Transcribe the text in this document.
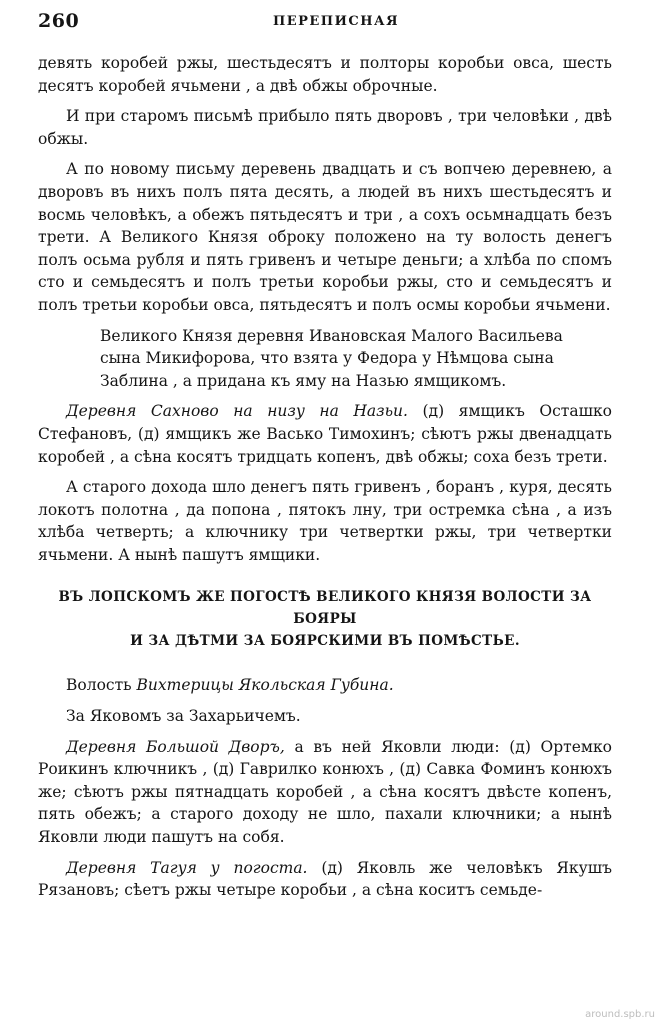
260	ПЕРЕПИСНАЯ

девять коробей ржы, шестьдесятъ и полторы коробьи овса, шесть десятъ коробей ячьмени , а двѣ обжы оброчные.

И при старомъ письмѣ прибыло пять дворовъ , три человѣки , двѣ обжы.

А по новому письму деревень двадцать и съ вопчею деревнею, а дворовъ въ нихъ полъ пята десять, а людей въ нихъ шестьдесятъ и восмь человѣкъ, а обежъ пятьдесятъ и три , а сохъ осьмнадцать безъ трети. А Великого Князя оброку положено на ту волость денегъ полъ осьма рубля и пять гривенъ и четыре деньги; а хлѣба по спомъ сто и семьдесятъ и полъ третьи коробьи ржы, сто и семьдесятъ и полъ третьи коробьи овса, пятьдесятъ и полъ осмы коробьи ячьмени.

Великого Князя деревня Ивановская Малого Васильева

сына Микифорова, что взята у Федора у Нѣмцова сына

Заблина , а придана къ яму на Назью ямщикомъ.

Деревня Сахново на низу на Назьи. (д) ямщикъ Осташко Стефановъ, (д) ямщикъ же Васько Тимохинъ; сѣютъ ржы двенадцать коробей , а сѣна косятъ тридцать копенъ, двѣ обжы; соха безъ трети.

А старого дохода шло денегъ пять гривенъ , боранъ , куря, десять локотъ полотна , да попона , пятокъ лну, три остремка сѣна , а изъ хлѣба четверть; а ключнику три четвертки ржы, три четвертки ячьмени. А нынѣ пашутъ ямщики.

ВЪ ЛОПСКОМЪ ЖЕ ПОГОСТѢ ВЕЛИКОГО КНЯЗЯ ВОЛОСТИ ЗА БОЯРЫ

И ЗА ДѢТМИ ЗА БОЯРСКИМИ ВЪ ПОМѢСТЬЕ.

Волость Вихтерицы Якольская Губина.

За Яковомъ за Захарьичемъ.

Деревня Большой Дворъ, а въ ней Яковли люди: (д) Ортемко Роикинъ ключникъ , (д) Гаврилко конюхъ , (д) Савка Фоминъ конюхъ же; сѣютъ ржы пятнадцать коробей , а сѣна косятъ двѣсте копенъ, пять обежъ; а старого доходу не шло, пахали ключники; а нынѣ Яковли люди пашутъ на собя.

Деревня Тагуя у погоста. (д) Яковль же человѣкъ Якушъ Рязановъ; сѣетъ ржы четыре коробьи , а сѣна коситъ семьде-

around.spb.ru
